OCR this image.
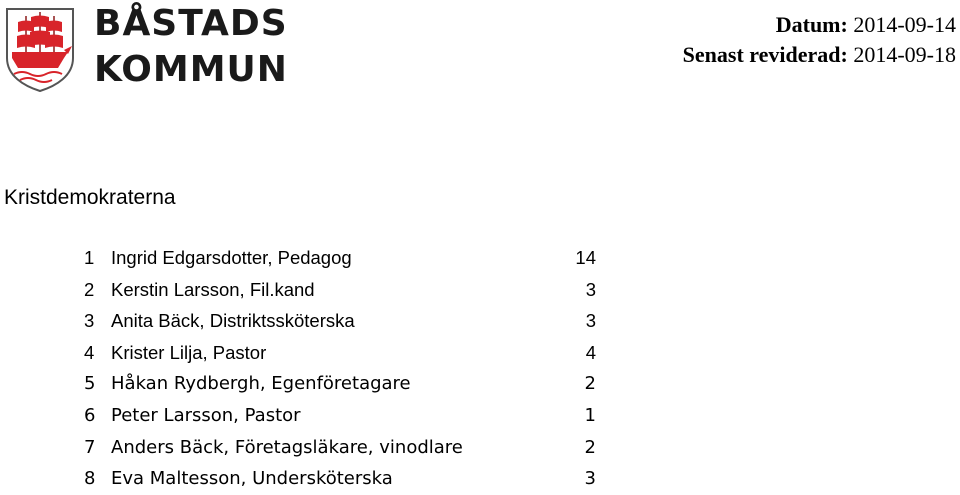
BÅSTADS
KOMMUN
Datum: 2014-09-14
Senast reviderad: 2014-09-18
Kristdemokraterna
1 Ingrid Edgarsdotter, Pedagog	14
2 Kerstin Larsson, Fil.kand	3
3 Anita Bäck, Distriktssköterska	3
4 Krister Lilja, Pastor	4
5 Håkan Rydbergh, Egenföretagare	2
6 Peter Larsson, Pastor	1
7 Anders Bäck, Företagsläkare, vinodlare	2
8 Eva Maltesson, Undersköterska	3
